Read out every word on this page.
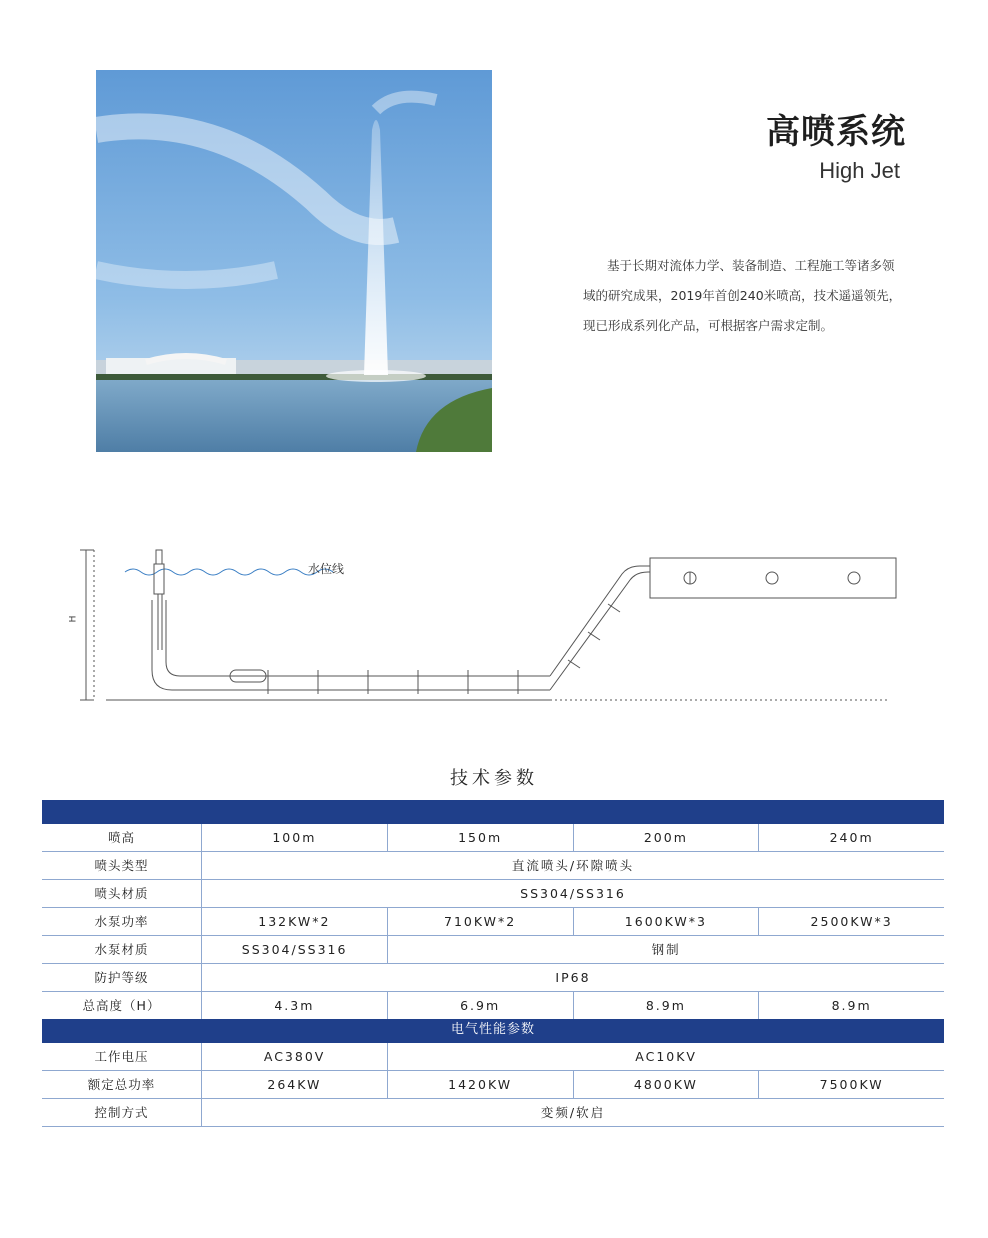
高喷系统
High Jet

基于长期对流体力学、装备制造、工程施工等诸多领

域的研究成果，2019年首创240米喷高，技术遥遥领先，

现已形成系列化产品，可根据客户需求定制。

水位线
H
技术参数
喷高	100m	150m	200m	240m
喷头类型	直流喷头/环隙喷头
喷头材质	SS304/SS316
水泵功率	132KW*2	710KW*2	1600KW*3	2500KW*3
水泵材质	SS304/SS316	钢制
防护等级	IP68
总高度（H）	4.3m	6.9m	8.9m	8.9m
电气性能参数
工作电压	AC380V	AC10KV
额定总功率	264KW	1420KW	4800KW	7500KW
控制方式	变频/软启
